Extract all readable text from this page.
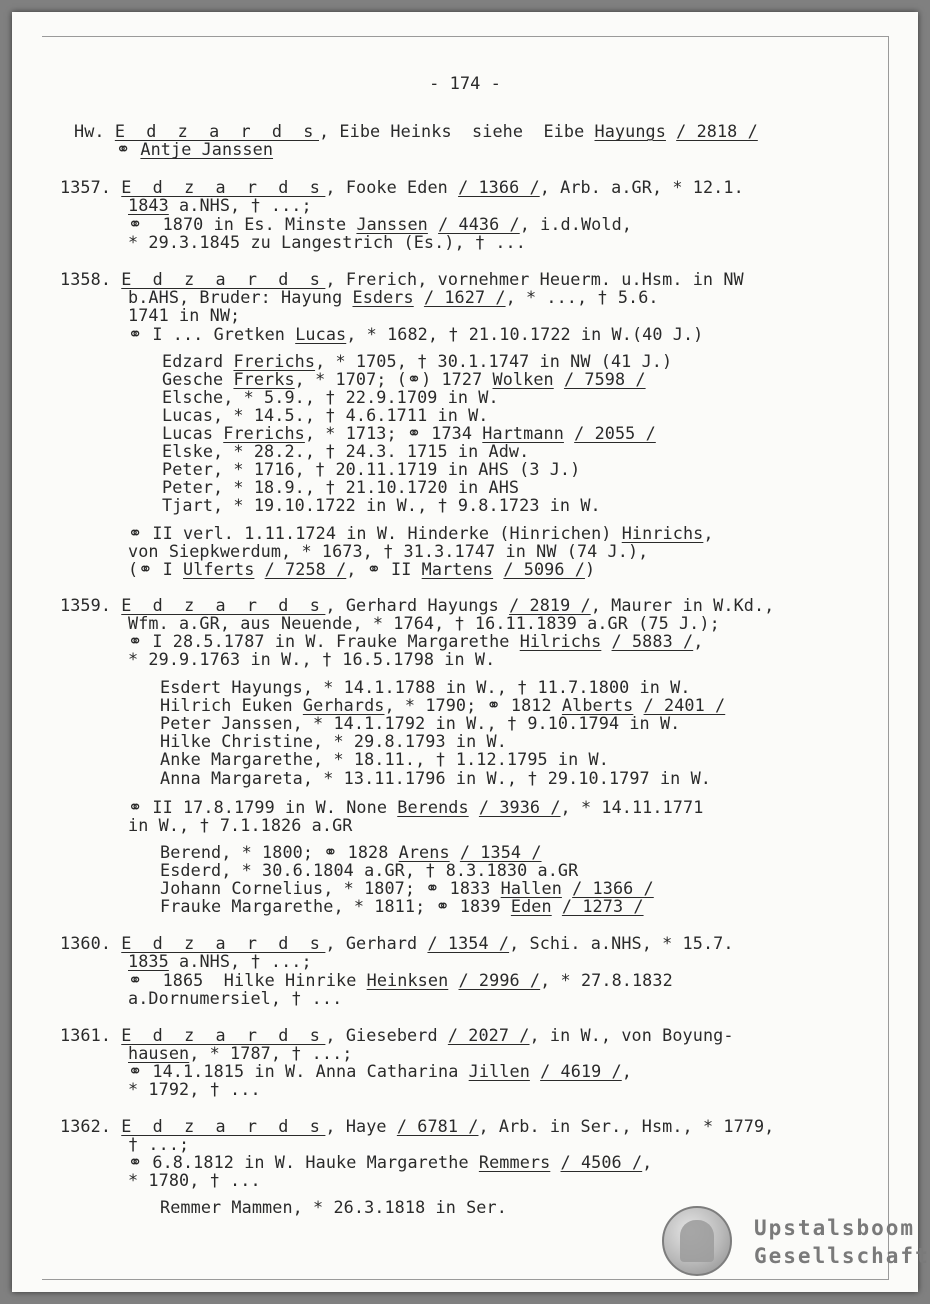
- 174 -
Hw. E d z a r d s, Eibe Heinks  siehe  Eibe Hayungs / 2818 /
⚭ Antje Janssen
1357. E d z a r d s, Fooke Eden / 1366 /, Arb. a.GR, * 12.1.
1843 a.NHS, † ...;
⚭  1870 in Es. Minste Janssen / 4436 /, i.d.Wold,
* 29.3.1845 zu Langestrich (Es.), † ...
1358. E d z a r d s, Frerich, vornehmer Heuerm. u.Hsm. in NW
b.AHS, Bruder: Hayung Esders / 1627 /, * ..., † 5.6.
1741 in NW;
⚭ I ... Gretken Lucas, * 1682, † 21.10.1722 in W.(40 J.)
Edzard Frerichs, * 1705, † 30.1.1747 in NW (41 J.)
Gesche Frerks, * 1707; (⚭) 1727 Wolken / 7598 /
Elsche, * 5.9., † 22.9.1709 in W.
Lucas, * 14.5., † 4.6.1711 in W.
Lucas Frerichs, * 1713; ⚭ 1734 Hartmann / 2055 /
Elske, * 28.2., † 24.3. 1715 in Adw.
Peter, * 1716, † 20.11.1719 in AHS (3 J.)
Peter, * 18.9., † 21.10.1720 in AHS
Tjart, * 19.10.1722 in W., † 9.8.1723 in W.
⚭ II verl. 1.11.1724 in W. Hinderke (Hinrichen) Hinrichs,
von Siepkwerdum, * 1673, † 31.3.1747 in NW (74 J.),
(⚭ I Ulferts / 7258 /, ⚭ II Martens / 5096 /)
1359. E d z a r d s, Gerhard Hayungs / 2819 /, Maurer in W.Kd.,
Wfm. a.GR, aus Neuende, * 1764, † 16.11.1839 a.GR (75 J.);
⚭ I 28.5.1787 in W. Frauke Margarethe Hilrichs / 5883 /,
* 29.9.1763 in W., † 16.5.1798 in W.
Esdert Hayungs, * 14.1.1788 in W., † 11.7.1800 in W.
Hilrich Euken Gerhards, * 1790; ⚭ 1812 Alberts / 2401 /
Peter Janssen, * 14.1.1792 in W., † 9.10.1794 in W.
Hilke Christine, * 29.8.1793 in W.
Anke Margarethe, * 18.11., † 1.12.1795 in W.
Anna Margareta, * 13.11.1796 in W., † 29.10.1797 in W.
⚭ II 17.8.1799 in W. None Berends / 3936 /, * 14.11.1771
in W., † 7.1.1826 a.GR
Berend, * 1800; ⚭ 1828 Arens / 1354 /
Esderd, * 30.6.1804 a.GR, † 8.3.1830 a.GR
Johann Cornelius, * 1807; ⚭ 1833 Hallen / 1366 /
Frauke Margarethe, * 1811; ⚭ 1839 Eden / 1273 /
1360. E d z a r d s, Gerhard / 1354 /, Schi. a.NHS, * 15.7.
1835 a.NHS, † ...;
⚭  1865  Hilke Hinrike Heinksen / 2996 /, * 27.8.1832
a.Dornumersiel, † ...
1361. E d z a r d s, Gieseberd / 2027 /, in W., von Boyung-
hausen, * 1787, † ...;
⚭ 14.1.1815 in W. Anna Catharina Jillen / 4619 /,
* 1792, † ...
1362. E d z a r d s, Haye / 6781 /, Arb. in Ser., Hsm., * 1779,
† ...;
⚭ 6.8.1812 in W. Hauke Margarethe Remmers / 4506 /,
* 1780, † ...
Remmer Mammen, * 26.3.1818 in Ser.
Upstalsboom
Gesellschaft
